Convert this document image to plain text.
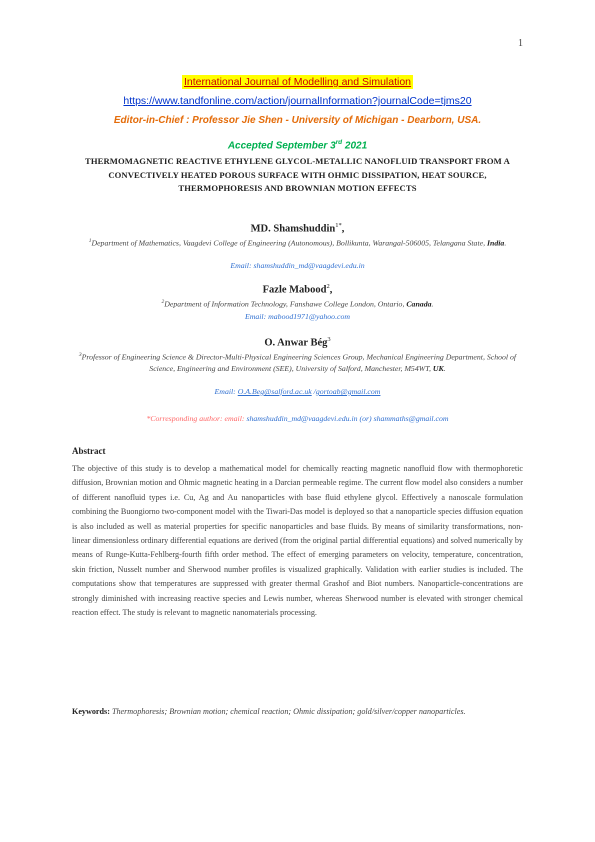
1
International Journal of Modelling and Simulation
https://www.tandfonline.com/action/journalInformation?journalCode=tjms20
Editor-in-Chief : Professor Jie Shen - University of Michigan - Dearborn, USA.
Accepted September 3rd 2021
THERMOMAGNETIC REACTIVE ETHYLENE GLYCOL-METALLIC NANOFLUID TRANSPORT FROM A CONVECTIVELY HEATED POROUS SURFACE WITH OHMIC DISSIPATION, HEAT SOURCE, THERMOPHORESIS AND BROWNIAN MOTION EFFECTS
MD. Shamshuddin$^{1*}$,
$^1$Department of Mathematics, Vaagdevi College of Engineering (Autonomous), Bollikunta, Warangal-506005, Telangana State, India.
Email: shamshuddin_md@vaagdevi.edu.in
Fazle Mabood$^2$,
$^2$Department of Information Technology, Fanshawe College London, Ontario, Canada.
Email: mabood1971@yahoo.com
O. Anwar Bég$^3$
$^3$Professor of Engineering Science & Director-Multi-Physical Engineering Sciences Group, Mechanical Engineering Department, School of Science, Engineering and Environment (SEE), University of Salford, Manchester, M54WT, UK.
Email: O.A.Beg@salford.ac.uk /gortoab@gmail.com
*Corresponding author: email: shamshuddin_md@vaagdevi.edu.in (or) shammaths@gmail.com
Abstract
The objective of this study is to develop a mathematical model for chemically reacting magnetic nanofluid flow with thermophoretic diffusion, Brownian motion and Ohmic magnetic heating in a Darcian permeable regime. The current flow model also considers a number of different nanofluid types i.e. Cu, Ag and Au nanoparticles with base fluid ethylene glycol. Effectively a nanoscale formulation combining the Buongiorno two-component model with the Tiwari-Das model is deployed so that a nanoparticle species diffusion equation is also included as well as material properties for specific nanoparticles and base fluids. By means of similarity transformations, non-linear dimensionless ordinary differential equations are derived (from the original partial differential equations) and solved numerically by means of Runge-Kutta-Fehlberg-fourth fifth order method. The effect of emerging parameters on velocity, temperature, concentration, skin friction, Nusselt number and Sherwood number profiles is visualized graphically. Validation with earlier studies is included. The computations show that temperatures are suppressed with greater thermal Grashof and Biot numbers. Nanoparticle-concentrations are strongly diminished with increasing reactive species and Lewis number, whereas Sherwood number is elevated with stronger chemical reaction effect. The study is relevant to magnetic nanomaterials processing.
Keywords: Thermophoresis; Brownian motion; chemical reaction; Ohmic dissipation; gold/silver/copper nanoparticles.
